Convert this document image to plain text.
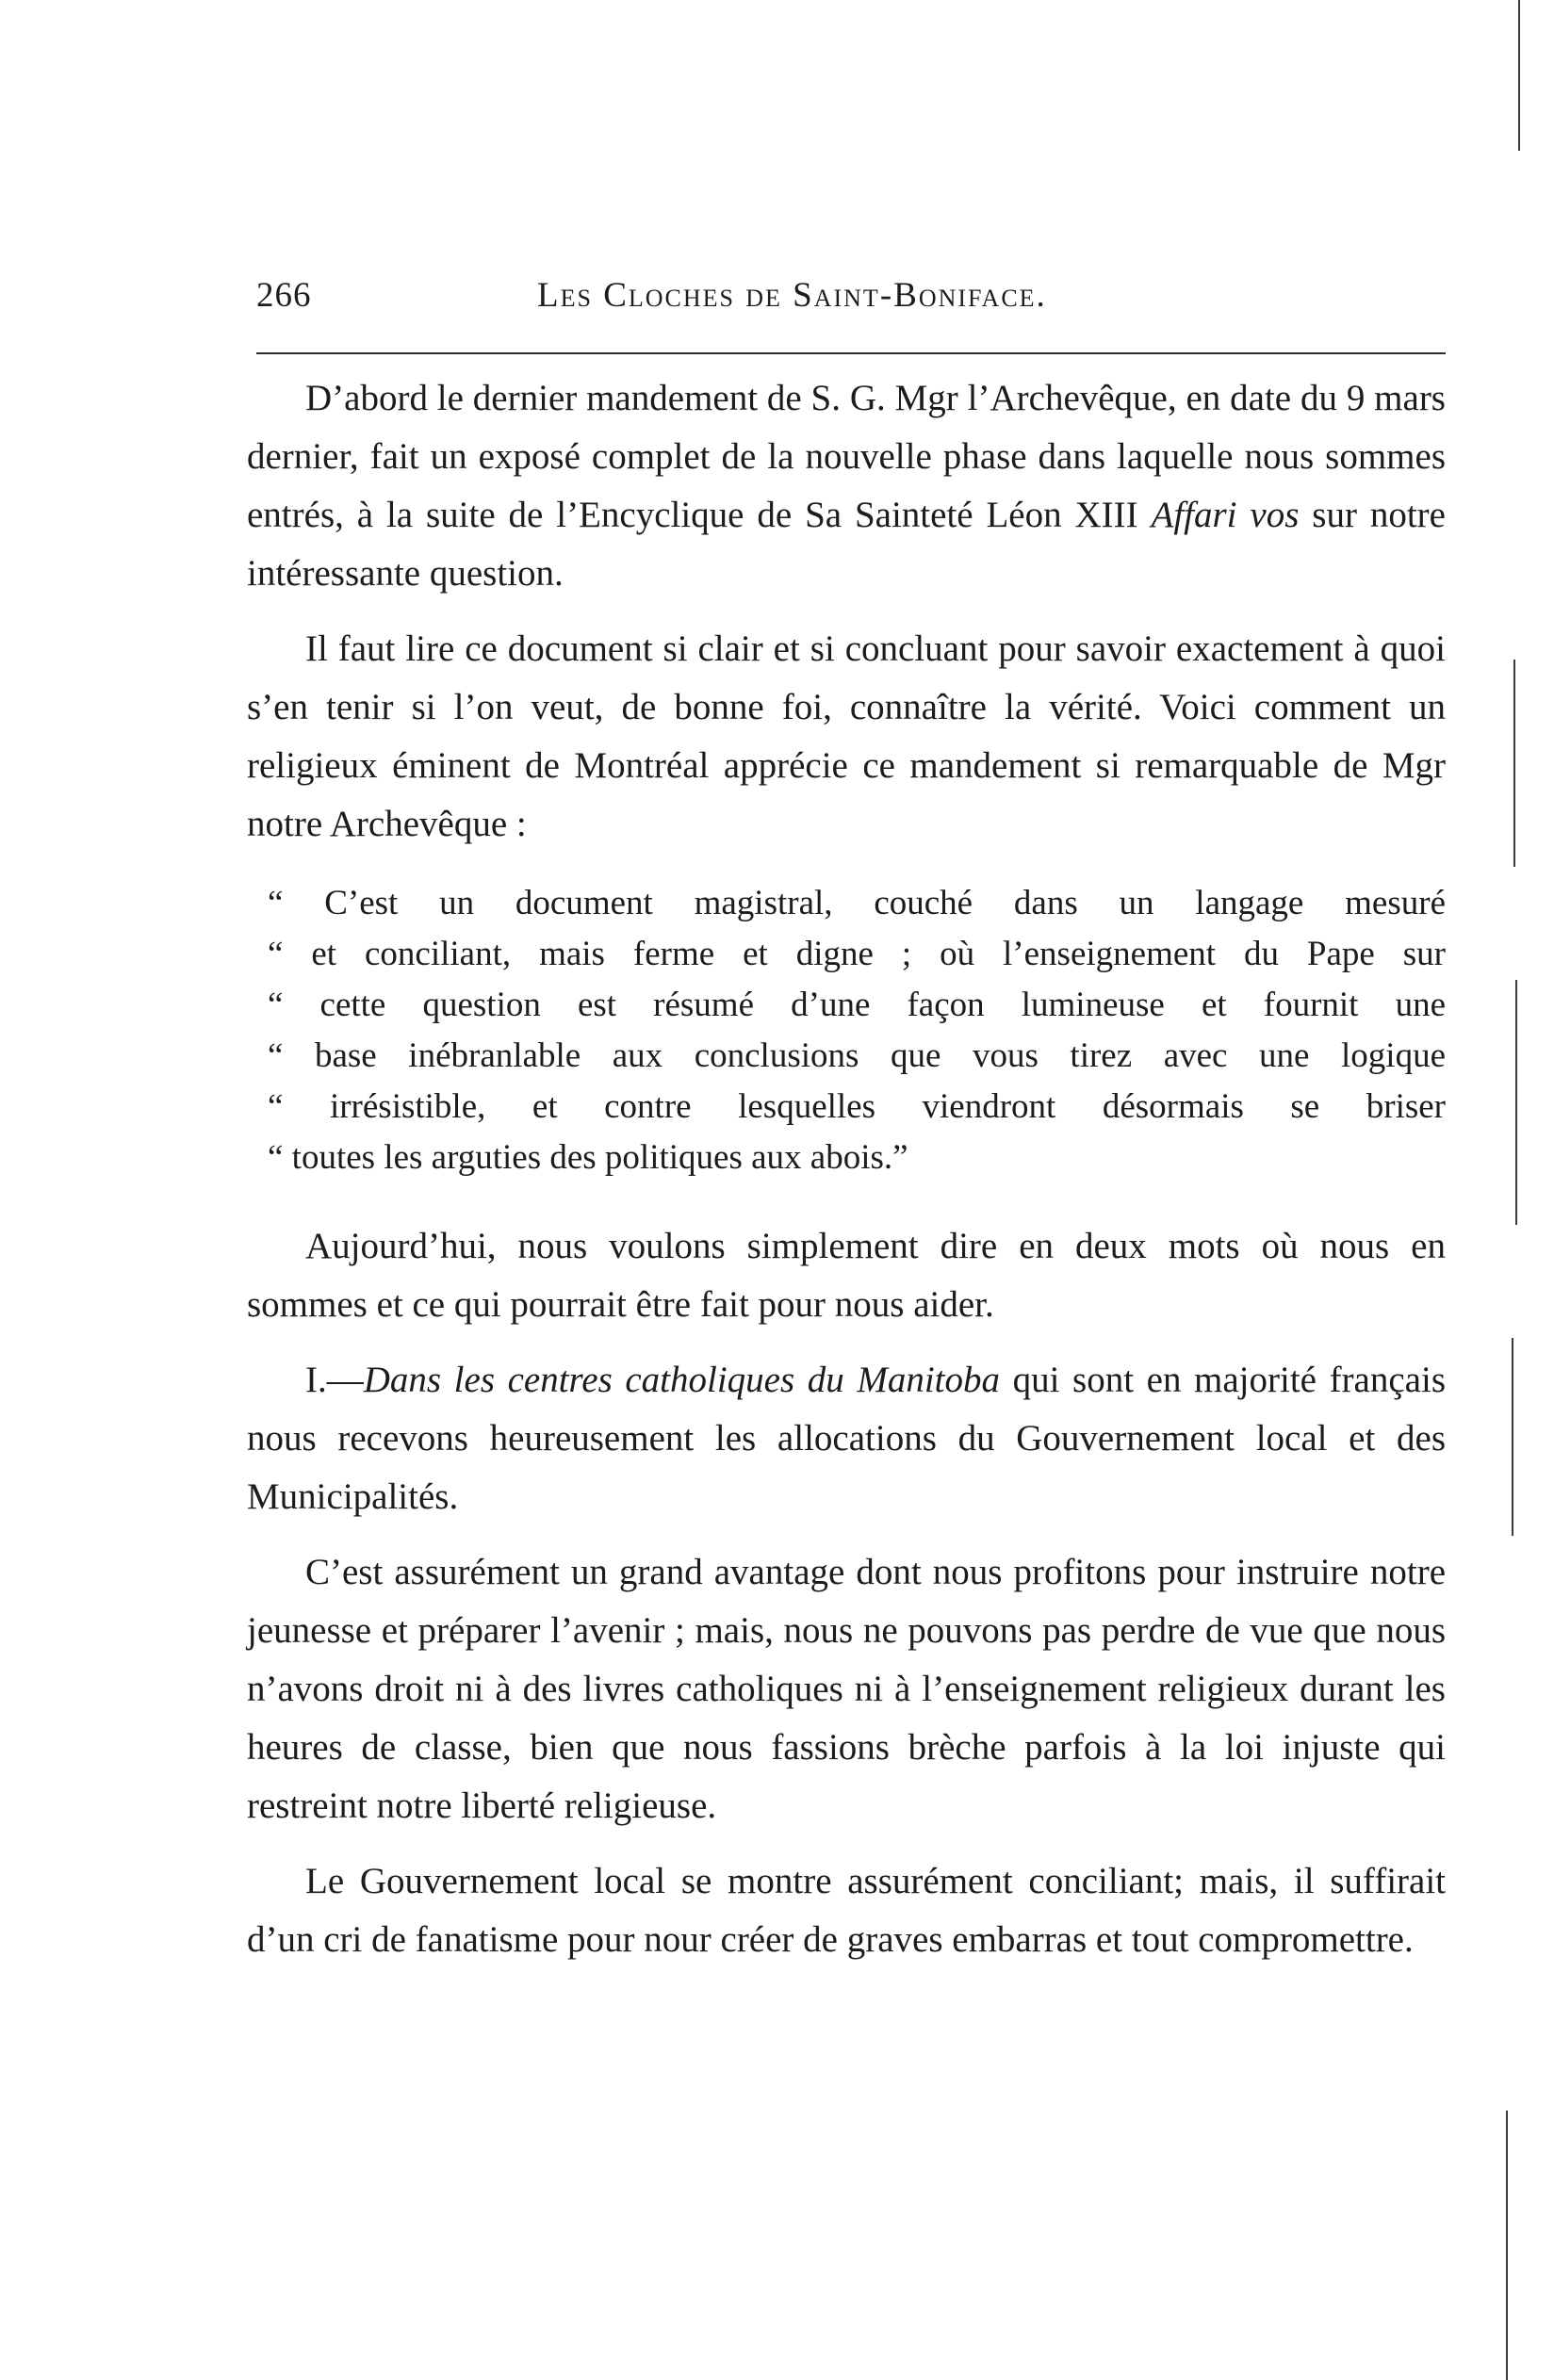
266	Les Cloches de Saint-Boniface.

D’abord le dernier mandement de S. G. Mgr l’Archevêque, en date du 9 mars dernier, fait un exposé complet de la nouvelle phase dans laquelle nous sommes entrés, à la suite de l’Encyclique de Sa Sainteté Léon XIII Affari vos sur notre intéressante question.

Il faut lire ce document si clair et si concluant pour savoir exactement à quoi s’en tenir si l’on veut, de bonne foi, connaître la vérité. Voici comment un religieux éminent de Montréal apprécie ce mandement si remarquable de Mgr notre Archevêque :

“ C’est un document magistral, couché dans un langage mesuré
“ et conciliant, mais ferme et digne ; où l’enseignement du Pape sur
“ cette question est résumé d’une façon lumineuse et fournit une
“ base inébranlable aux conclusions que vous tirez avec une logique
“ irrésistible, et contre lesquelles viendront désormais se briser
“ toutes les arguties des politiques aux abois.”

Aujourd’hui, nous voulons simplement dire en deux mots où nous en sommes et ce qui pourrait être fait pour nous aider.

I.—Dans les centres catholiques du Manitoba qui sont en majorité français nous recevons heureusement les allocations du Gouvernement local et des Municipalités.

C’est assurément un grand avantage dont nous profitons pour instruire notre jeunesse et préparer l’avenir ; mais, nous ne pouvons pas perdre de vue que nous n’avons droit ni à des livres catholiques ni à l’enseignement religieux durant les heures de classe, bien que nous fassions brèche parfois à la loi injuste qui restreint notre liberté religieuse.

Le Gouvernement local se montre assurément conciliant; mais, il suffirait d’un cri de fanatisme pour nour créer de graves embarras et tout compromettre.
